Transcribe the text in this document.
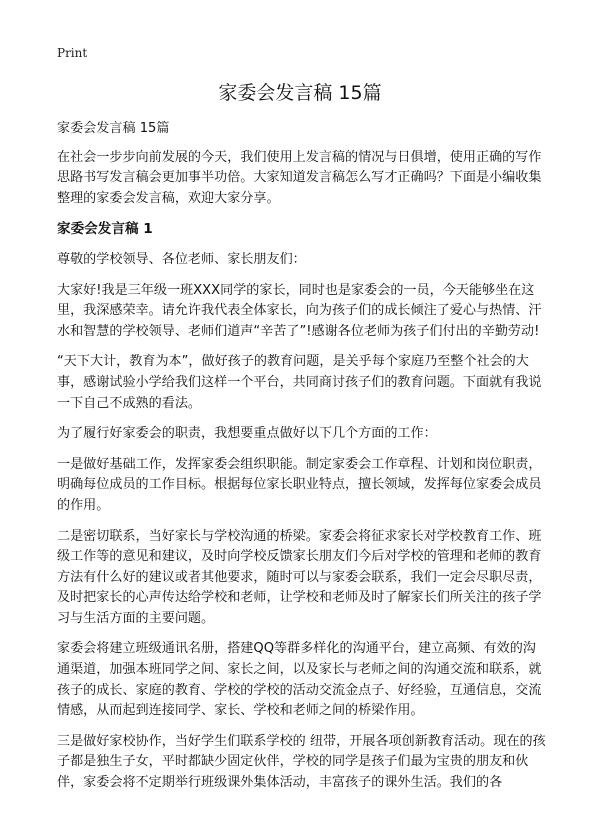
Print
家委会发言稿 15篇

家委会发言稿 15篇

在社会一步步向前发展的今天，我们使用上发言稿的情况与日俱增，使用正确的写作思路书写发言稿会更加事半功倍。大家知道发言稿怎么写才正确吗？下面是小编收集整理的家委会发言稿，欢迎大家分享。

家委会发言稿 1

尊敬的学校领导、各位老师、家长朋友们：

大家好!我是三年级一班XXX同学的家长，同时也是家委会的一员，今天能够坐在这里，我深感荣幸。请允许我代表全体家长，向为孩子们的成长倾注了爱心与热情、汗水和智慧的学校领导、老师们道声“辛苦了”!感谢各位老师为孩子们付出的辛勤劳动!

“天下大计，教育为本”，做好孩子的教育问题，是关乎每个家庭乃至整个社会的大事，感谢试验小学给我们这样一个平台，共同商讨孩子们的教育问题。下面就有我说一下自己不成熟的看法。

为了履行好家委会的职责，我想要重点做好以下几个方面的工作：

一是做好基础工作，发挥家委会组织职能。制定家委会工作章程、计划和岗位职责，明确每位成员的工作目标。根据每位家长职业特点，擅长领域，发挥每位家委会成员的作用。

二是密切联系，当好家长与学校沟通的桥梁。家委会将征求家长对学校教育工作、班级工作等的意见和建议，及时向学校反馈家长朋友们今后对学校的管理和老师的教育方法有什么好的建议或者其他要求，随时可以与家委会联系，我们一定会尽职尽责，及时把家长的心声传达给学校和老师，让学校和老师及时了解家长们所关注的孩子学习与生活方面的主要问题。

家委会将建立班级通讯名册，搭建QQ等群多样化的沟通平台，建立高频、有效的沟通渠道，加强本班同学之间、家长之间，以及家长与老师之间的沟通交流和联系，就孩子的成长、家庭的教育、学校的学校的活动交流金点子、好经验，互通信息，交流情感，从而起到连接同学、家长、学校和老师之间的桥梁作用。

三是做好家校协作，当好学生们联系学校的 纽带，开展各项创新教育活动。现在的孩子都是独生子女，平时都缺少固定伙伴，学校的同学是孩子们最为宝贵的朋友和伙伴，家委会将不定期举行班级课外集体活动，丰富孩子的课外生活。我们的各
